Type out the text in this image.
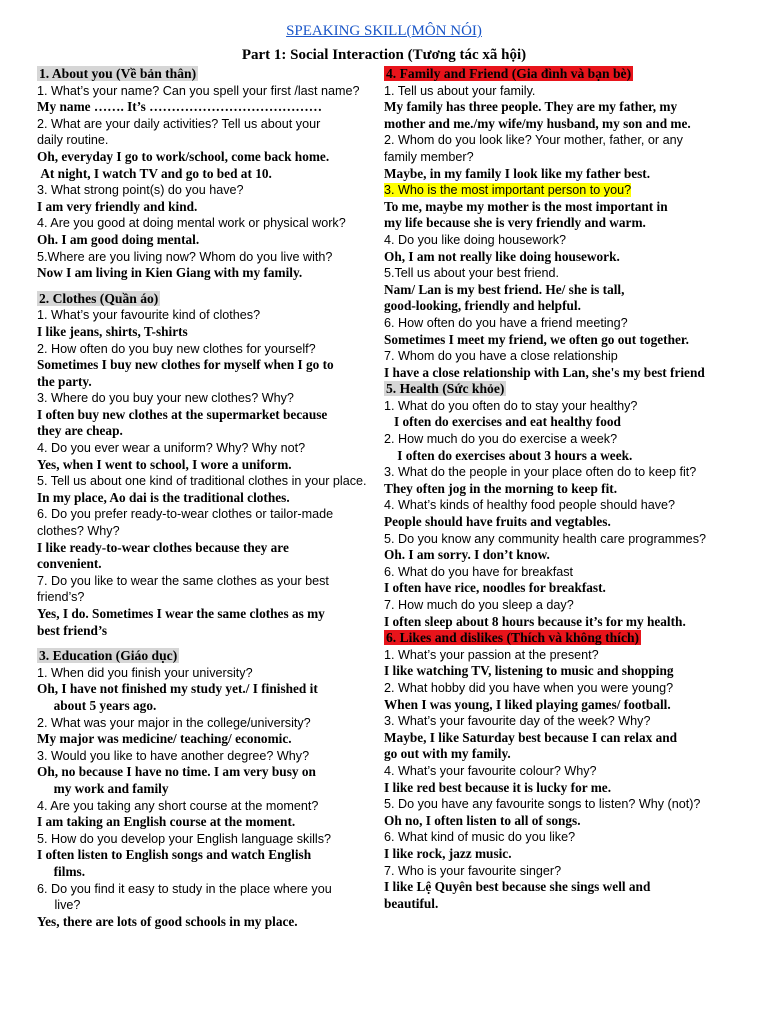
SPEAKING SKILL(MÔN NÓI)
Part 1: Social Interaction (Tương tác xã hội)
1. About you (Về bản thân)
1. What’s your name? Can you spell your first /last name?
My name ……. It’s …………………………………
2. What are your daily activities? Tell us about your
daily routine.
Oh, everyday I go to work/school, come back home.
At night, I watch TV and go to bed at 10.
3. What strong point(s) do you have?
I am very friendly and kind.
4. Are you good at doing mental work or physical work?
Oh. I am good doing mental.
5.Where are you living now? Whom do you live with?
Now I am living in Kien Giang with my family.
2. Clothes (Quần áo)
1. What’s your favourite kind of clothes?
I like jeans, shirts, T-shirts
2. How often do you buy new clothes for yourself?
Sometimes I buy new clothes for myself when I go to
the party.
3. Where do you buy your new clothes? Why?
I often buy new clothes at the supermarket because
they are cheap.
4. Do you ever wear a uniform? Why? Why not?
Yes, when I went to school, I wore a uniform.
5. Tell us about one kind of traditional clothes in your place.
In my place, Ao dai is the traditional clothes.
6. Do you prefer ready-to-wear clothes or tailor-made
clothes? Why?
I like ready-to-wear clothes because they are
convenient.
7. Do you like to wear the same clothes as your best
friend’s?
Yes, I do. Sometimes I wear the same clothes as my
best friend’s
3. Education (Giáo dục)
1. When did you finish your university?
Oh, I have not finished my study yet./ I finished it
about 5 years ago.
2. What was your major in the college/university?
My major was medicine/ teaching/ economic.
3. Would you like to have another degree? Why?
Oh, no because I have no time. I am very busy on
my work and family
4. Are you taking any short course at the moment?
I am taking an English course at the moment.
5. How do you develop your English language skills?
I often listen to English songs and watch English
films.
6. Do you find it easy to study in the place where you
live?
Yes, there are lots of good schools in my place.
4. Family and Friend (Gia đình và bạn bè)
1. Tell us about your family.
My family has three people. They are my father, my
mother and me./my wife/my husband, my son and me.
2. Whom do you look like? Your mother, father, or any
family member?
Maybe, in my family I look like my father best.
3. Who is the most important person to you?
To me, maybe my mother is the most important in
my life because she is very friendly and warm.
4. Do you like doing housework?
Oh, I am not really like doing housework.
5.Tell us about your best friend.
Nam/ Lan is my best friend. He/ she is tall,
good-looking, friendly and helpful.
6. How often do you have a friend meeting?
Sometimes I meet my friend, we often go out together.
7. Whom do you have a close relationship
I have a close relationship with Lan, she's my best friend
5. Health (Sức khỏe)
1. What do you often do to stay your healthy?
I often do exercises and eat healthy food
2. How much do you do exercise a week?
I often do exercises about 3 hours a week.
3. What do the people in your place often do to keep fit?
They often jog in the morning to keep fit.
4. What’s kinds of healthy food people should have?
People should have fruits and vegtables.
5. Do you know any community health care programmes?
Oh. I am sorry. I don’t know.
6. What do you have for breakfast
I often have rice, noodles for breakfast.
7. How much do you sleep a day?
I often sleep about 8 hours because it’s for my health.
6. Likes and dislikes (Thích và không thích)
1. What’s your passion at the present?
I like watching TV, listening to music and shopping
2. What hobby did you have when you were young?
When I was young, I liked playing games/ football.
3. What’s your favourite day of the week? Why?
Maybe, I like Saturday best because I can relax and
go out with my family.
4. What’s your favourite colour? Why?
I like red best because it is lucky for me.
5. Do you have any favourite songs to listen? Why (not)?
Oh no, I often listen to all of songs.
6. What kind of music do you like?
I like rock, jazz music.
7. Who is your favourite singer?
I like Lệ Quyên best because she sings well and
beautiful.
